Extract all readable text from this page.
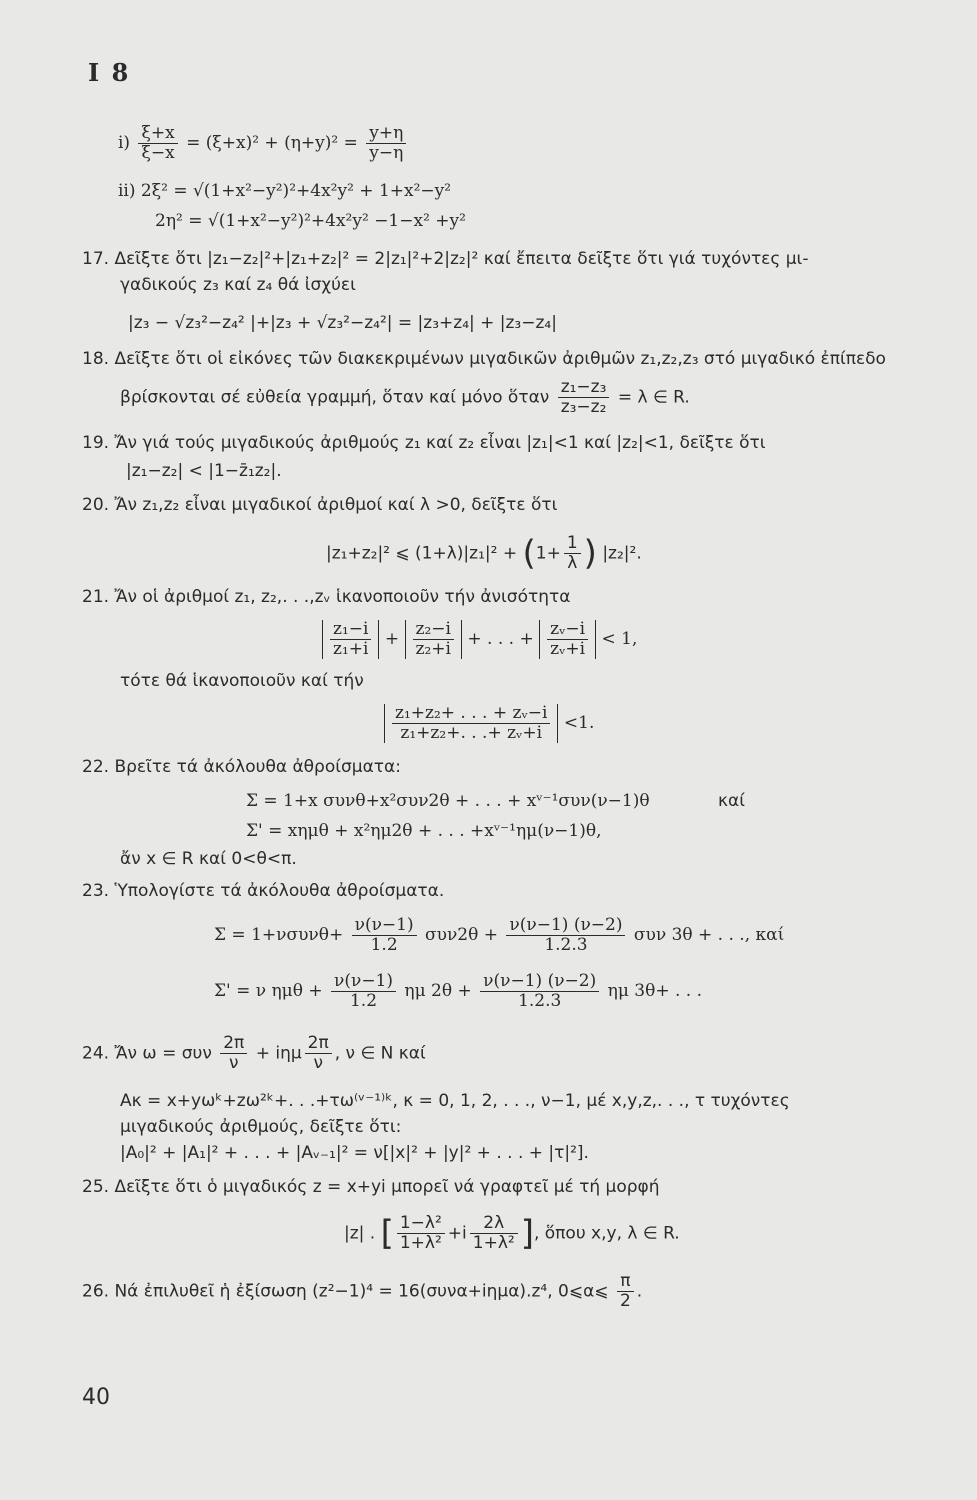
I 8
$i) \frac{\xi+x}{\xi-x} = (\xi+x)^2 + (\eta+y)^2 = \frac{y+\eta}{y-\eta}$
ii) 2ξ² = √(1+x²−y²)²+4x²y² + 1+x²−y²
2η² = √(1+x²−y²)²+4x²y² −1−x² +y²
17. Δεῖξτε ὅτι |z₁−z₂|²+|z₁+z₂|² = 2|z₁|²+2|z₂|² καί ἔπειτα δεῖξτε ὅτι γιά τυχόντες μι-
γαδικούς z₃ καί z₄ θά ἰσχύει
|z₃ − √z₃²−z₄² |+|z₃ + √z₃²−z₄²| = |z₃+z₄| + |z₃−z₄|
18. Δεῖξτε ὅτι οἱ εἰκόνες τῶν διακεκριμένων μιγαδικῶν ἀριθμῶν z₁,z₂,z₃ στό μιγαδικό ἐπίπεδο
βρίσκονται σέ εὐθεία γραμμή, ὅταν καί μόνο ὅταν $\frac{\text{z₁−z₃}}{\text{z₃−z₂}} = \lambda$ ∈ R.
19. Ἄν γιά τούς μιγαδικούς ἀριθμούς z₁ καί z₂ εἶναι |z₁|<1 καί |z₂|<1, δεῖξτε ὅτι
|z₁−z₂| < |1−z̄₁z₂|.
20. Ἄν z₁,z₂ εἶναι μιγαδικοί ἀριθμοί καί λ >0, δεῖξτε ὅτι
|z₁+z₂|² ⩽ $(1+\lambda)|z_1|^2 + (1+ \frac{1}{\lambda}$ ) |z₂|².
21. Ἄν οἱ ἀριθμοί z₁, z₂,. . .,zᵥ ἱκανοποιοῦν τήν ἀνισότητα
$\frac{\text{z₁−i}}{\text{z₁+i}} + \frac{\text{z₂−i}}{\text{z₂+i}}$ + . . . + $\frac{\text{zᵥ−i}}{\text{zᵥ+i}} < 1$,
τότε θά ἱκανοποιοῦν καί τήν
$\frac{\text{z₁+z₂+ . . . + zᵥ−i}}{\text{z₁+z₂+. . .+ zᵥ+i}} <1$.
22. Βρεῖτε τά ἀκόλουθα ἀθροίσματα:
Σ = 1+x συνθ+x²συν2θ + . . . + xᵛ⁻¹συν(ν−1)θ	καί
Σ' = xημθ + x²ημ2θ + . . . +xᵛ⁻¹ημ(ν−1)θ,
ἄν x ∈ R καί 0<θ<π.
23. Ὑπολογίστε τά ἀκόλουθα ἀθροίσματα.
$\Sigma = 1+\nu\sigma\upsilon\nu\theta+ \frac{\nu(\nu-1)}{1.2} \sigma\upsilon\nu 2\theta + \frac{\nu(\nu-1) (\nu-2)}{1.2.3}$ συν 3θ + . . ., καί
Σ' = ν $\eta\mu\theta + \frac{\nu(\nu-1)}{1.2}$ ημ $2\theta + \frac{\nu(\nu-1) (\nu-2)}{1.2.3}$ ημ 3θ+ . . .
24. Ἄν ω = συν $\frac{2\pi}{\nu} + i\eta\mu \frac{2\pi}{\nu}$ , ν ∈ N καί
Aκ = x+yωᵏ+zω²ᵏ+. . .+τω⁽ᵛ⁻¹⁾ᵏ, κ = 0, 1, 2, . . ., ν−1, μέ x,y,z,. . ., τ τυχόντες
μιγαδικούς ἀριθμούς, δεῖξτε ὅτι:
|A₀|² + |A₁|² + . . . + |Aᵥ₋₁|² = ν[|x|² + |y|² + . . . + |τ|²].
25. Δεῖξτε ὅτι ὁ μιγαδικός z = x+yi μπορεῖ νά γραφτεῖ μέ τή μορφή
|z| . [ $\frac{\text{1−λ²}}{\text{1+λ²}} +i \frac{2\lambda}{\text{1+λ²}}$ ], ὅπου x,y, λ ∈ R.
26. Νά ἐπιλυθεῖ ἡ ἐξίσωση (z²−1)⁴ = 16(συνα+iημα).z⁴, 0⩽α⩽ $\frac{\pi}{2}$ .
40
